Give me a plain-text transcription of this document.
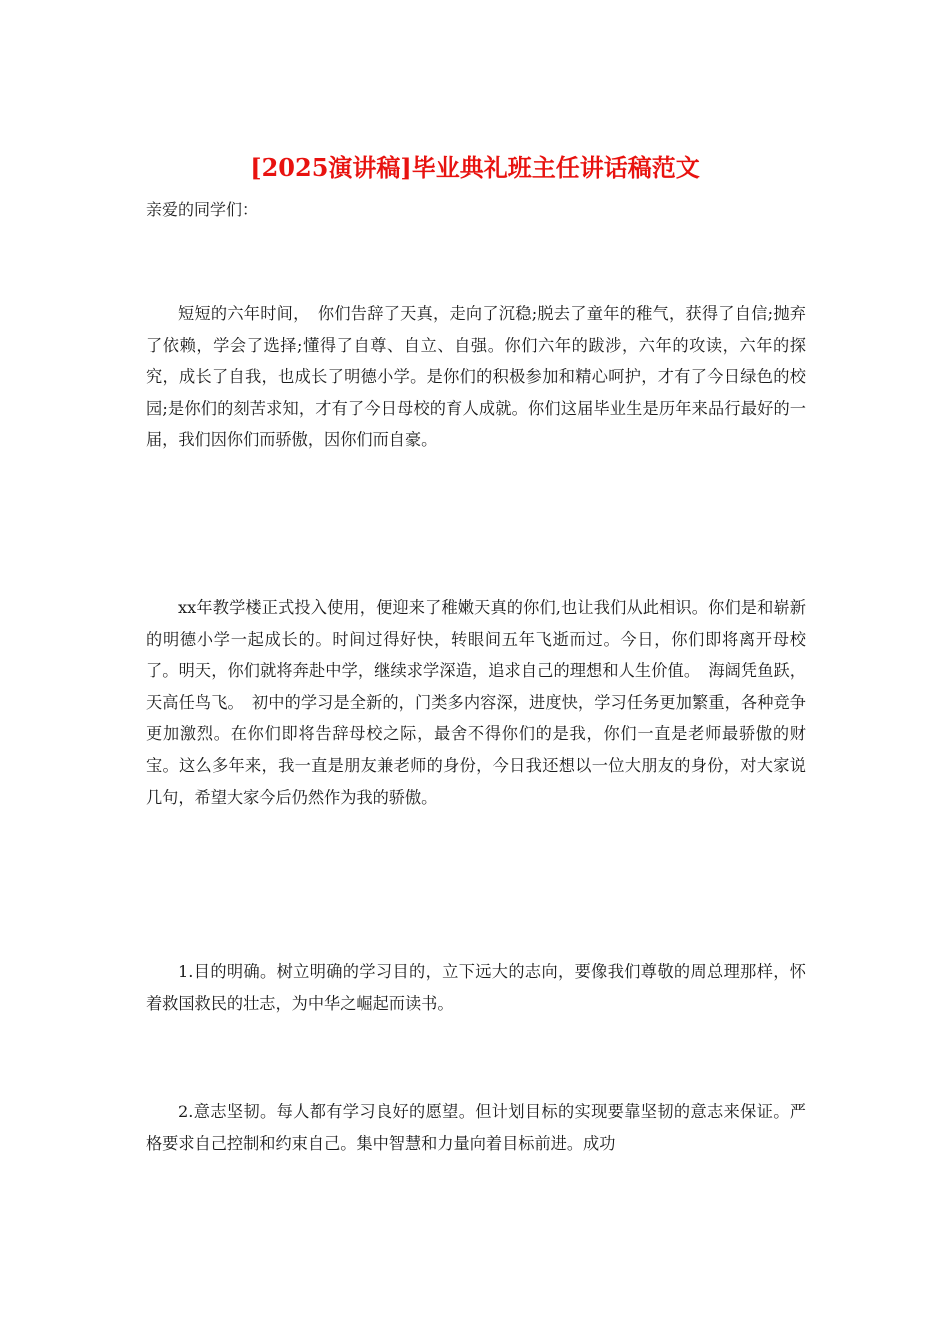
[2025演讲稿]毕业典礼班主任讲话稿范文

亲爱的同学们：

短短的六年时间，　你们告辞了天真，走向了沉稳;脱去了童年的稚气，获得了自信;抛弃了依赖，学会了选择;懂得了自尊、自立、自强。你们六年的跋涉，六年的攻读，六年的探究，成长了自我，也成长了明德小学。是你们的积极参加和精心呵护，才有了今日绿色的校园;是你们的刻苦求知，才有了今日母校的育人成就。你们这届毕业生是历年来品行最好的一届，我们因你们而骄傲，因你们而自豪。

xx年教学楼正式投入使用，便迎来了稚嫩天真的你们,也让我们从此相识。你们是和崭新的明德小学一起成长的。时间过得好快，转眼间五年飞逝而过。今日，你们即将离开母校了。明天，你们就将奔赴中学，继续求学深造，追求自己的理想和人生价值。　海阔凭鱼跃，天高任鸟飞。　初中的学习是全新的，门类多内容深，进度快，学习任务更加繁重，各种竞争更加激烈。在你们即将告辞母校之际，最舍不得你们的是我，你们一直是老师最骄傲的财宝。这么多年来，我一直是朋友兼老师的身份，今日我还想以一位大朋友的身份，对大家说几句，希望大家今后仍然作为我的骄傲。

1.目的明确。树立明确的学习目的，立下远大的志向，要像我们尊敬的周总理那样，怀着救国救民的壮志，为中华之崛起而读书。

2.意志坚韧。每人都有学习良好的愿望。但计划目标的实现要靠坚韧的意志来保证。严格要求自己控制和约束自己。集中智慧和力量向着目标前进。成功
